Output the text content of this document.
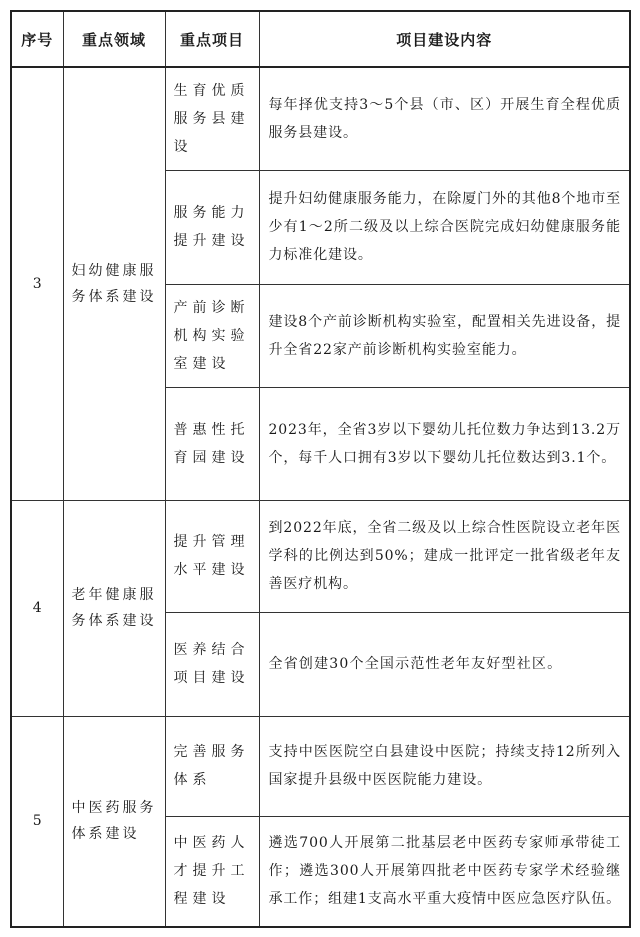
序号	重点领域	重点项目	项目建设内容
3	妇幼健康服务体系建设	生育优质服务县建设	每年择优支持3～5个县（市、区）开展生育全程优质服务县建设。
		服务能力提升建设	提升妇幼健康服务能力，在除厦门外的其他8个地市至少有1～2所二级及以上综合医院完成妇幼健康服务能力标准化建设。
		产前诊断机构实验室建设	建设8个产前诊断机构实验室，配置相关先进设备，提升全省22家产前诊断机构实验室能力。
		普惠性托育园建设	2023年，全省3岁以下婴幼儿托位数力争达到13.2万个，每千人口拥有3岁以下婴幼儿托位数达到3.1个。
4	老年健康服务体系建设	提升管理水平建设	到2022年底，全省二级及以上综合性医院设立老年医学科的比例达到50%；建成一批评定一批省级老年友善医疗机构。
		医养结合项目建设	全省创建30个全国示范性老年友好型社区。
5	中医药服务体系建设	完善服务体系	支持中医医院空白县建设中医院；持续支持12所列入国家提升县级中医医院能力建设。
		中医药人才提升工程建设	遴选700人开展第二批基层老中医药专家师承带徒工作；遴选300人开展第四批老中医药专家学术经验继承工作；组建1支高水平重大疫情中医应急医疗队伍。
